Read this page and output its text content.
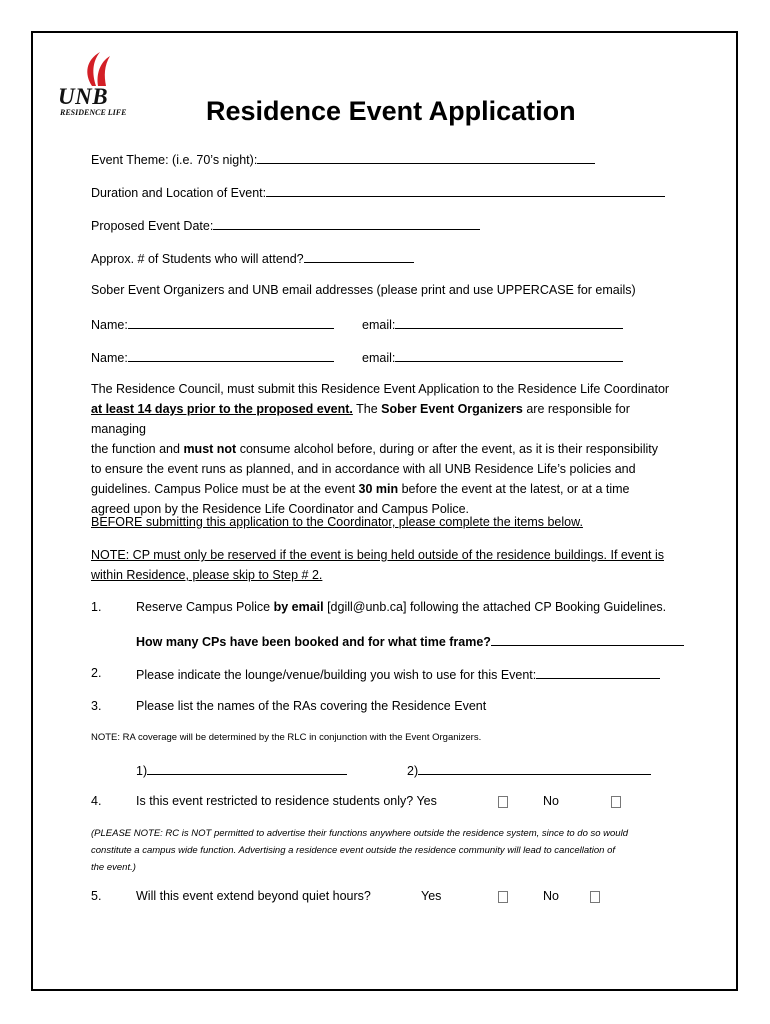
UNB
RESIDENCE LIFE	Residence Event Application
Event Theme: (i.e. 70’s night):
Duration and Location of Event:
Proposed Event Date:
Approx. # of Students who will attend?
Sober Event Organizers and UNB email addresses (please print and use UPPERCASE for emails)
Name:	email:
Name:	email:
The Residence Council, must submit this Residence Event Application to the Residence Life Coordinator
at least 14 days prior to the proposed event. The Sober Event Organizers are responsible for managing
the function and must not consume alcohol before, during or after the event, as it is their responsibility
to ensure the event runs as planned, and in accordance with all UNB Residence Life’s policies and
guidelines. Campus Police must be at the event 30 min before the event at the latest, or at a time
agreed upon by the Residence Life Coordinator and Campus Police.
BEFORE submitting this application to the Coordinator, please complete the items below.
NOTE: CP must only be reserved if the event is being held outside of the residence buildings. If event is
within Residence, please skip to Step # 2.
1.	Reserve Campus Police by email [dgill@unb.ca] following the attached CP Booking Guidelines.
How many CPs have been booked and for what time frame?
2.	Please indicate the lounge/venue/building you wish to use for this Event:
3.	Please list the names of the RAs covering the Residence Event
NOTE: RA coverage will be determined by the RLC in conjunction with the Event Organizers.
1)	2)
4.	Is this event restricted to residence students only? Yes	No
(PLEASE NOTE: RC is NOT permitted to advertise their functions anywhere outside the residence system, since to do so would
constitute a campus wide function. Advertising a residence event outside the residence community will lead to cancellation of
the event.)
5.	Will this event extend beyond quiet hours?	Yes	No
